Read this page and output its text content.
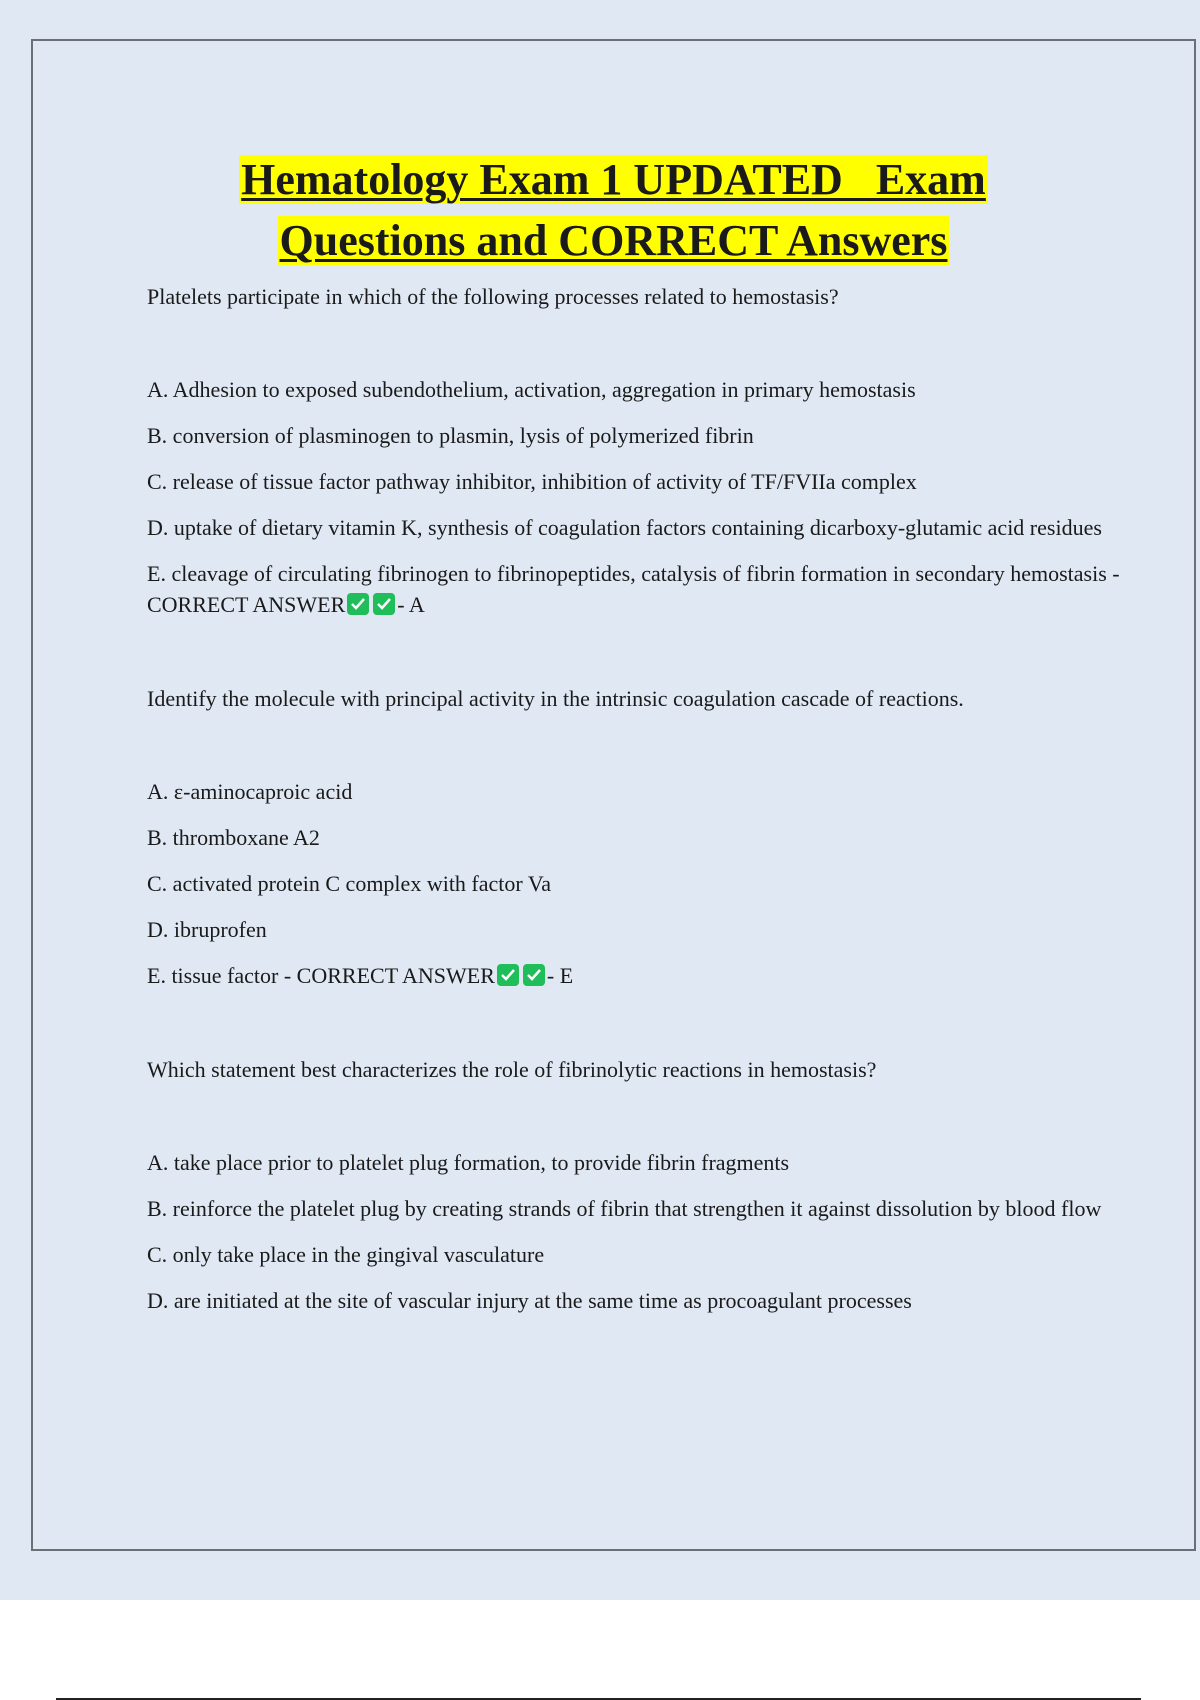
Hematology Exam 1 UPDATED   Exam
Questions and CORRECT Answers

Platelets participate in which of the following processes related to hemostasis?

A. Adhesion to exposed subendothelium, activation, aggregation in primary hemostasis

B. conversion of plasminogen to plasmin, lysis of polymerized fibrin

C. release of tissue factor pathway inhibitor, inhibition of activity of TF/FVIIa complex

D. uptake of dietary vitamin K, synthesis of coagulation factors containing dicarboxy-glutamic acid residues

E. cleavage of circulating fibrinogen to fibrinopeptides, catalysis of fibrin formation in secondary hemostasis - CORRECT ANSWER - A

Identify the molecule with principal activity in the intrinsic coagulation cascade of reactions.

A. ε-aminocaproic acid

B. thromboxane A2

C. activated protein C complex with factor Va

D. ibruprofen

E. tissue factor - CORRECT ANSWER - E

Which statement best characterizes the role of fibrinolytic reactions in hemostasis?

A. take place prior to platelet plug formation, to provide fibrin fragments

B. reinforce the platelet plug by creating strands of fibrin that strengthen it against dissolution by blood flow

C. only take place in the gingival vasculature

D. are initiated at the site of vascular injury at the same time as procoagulant processes
